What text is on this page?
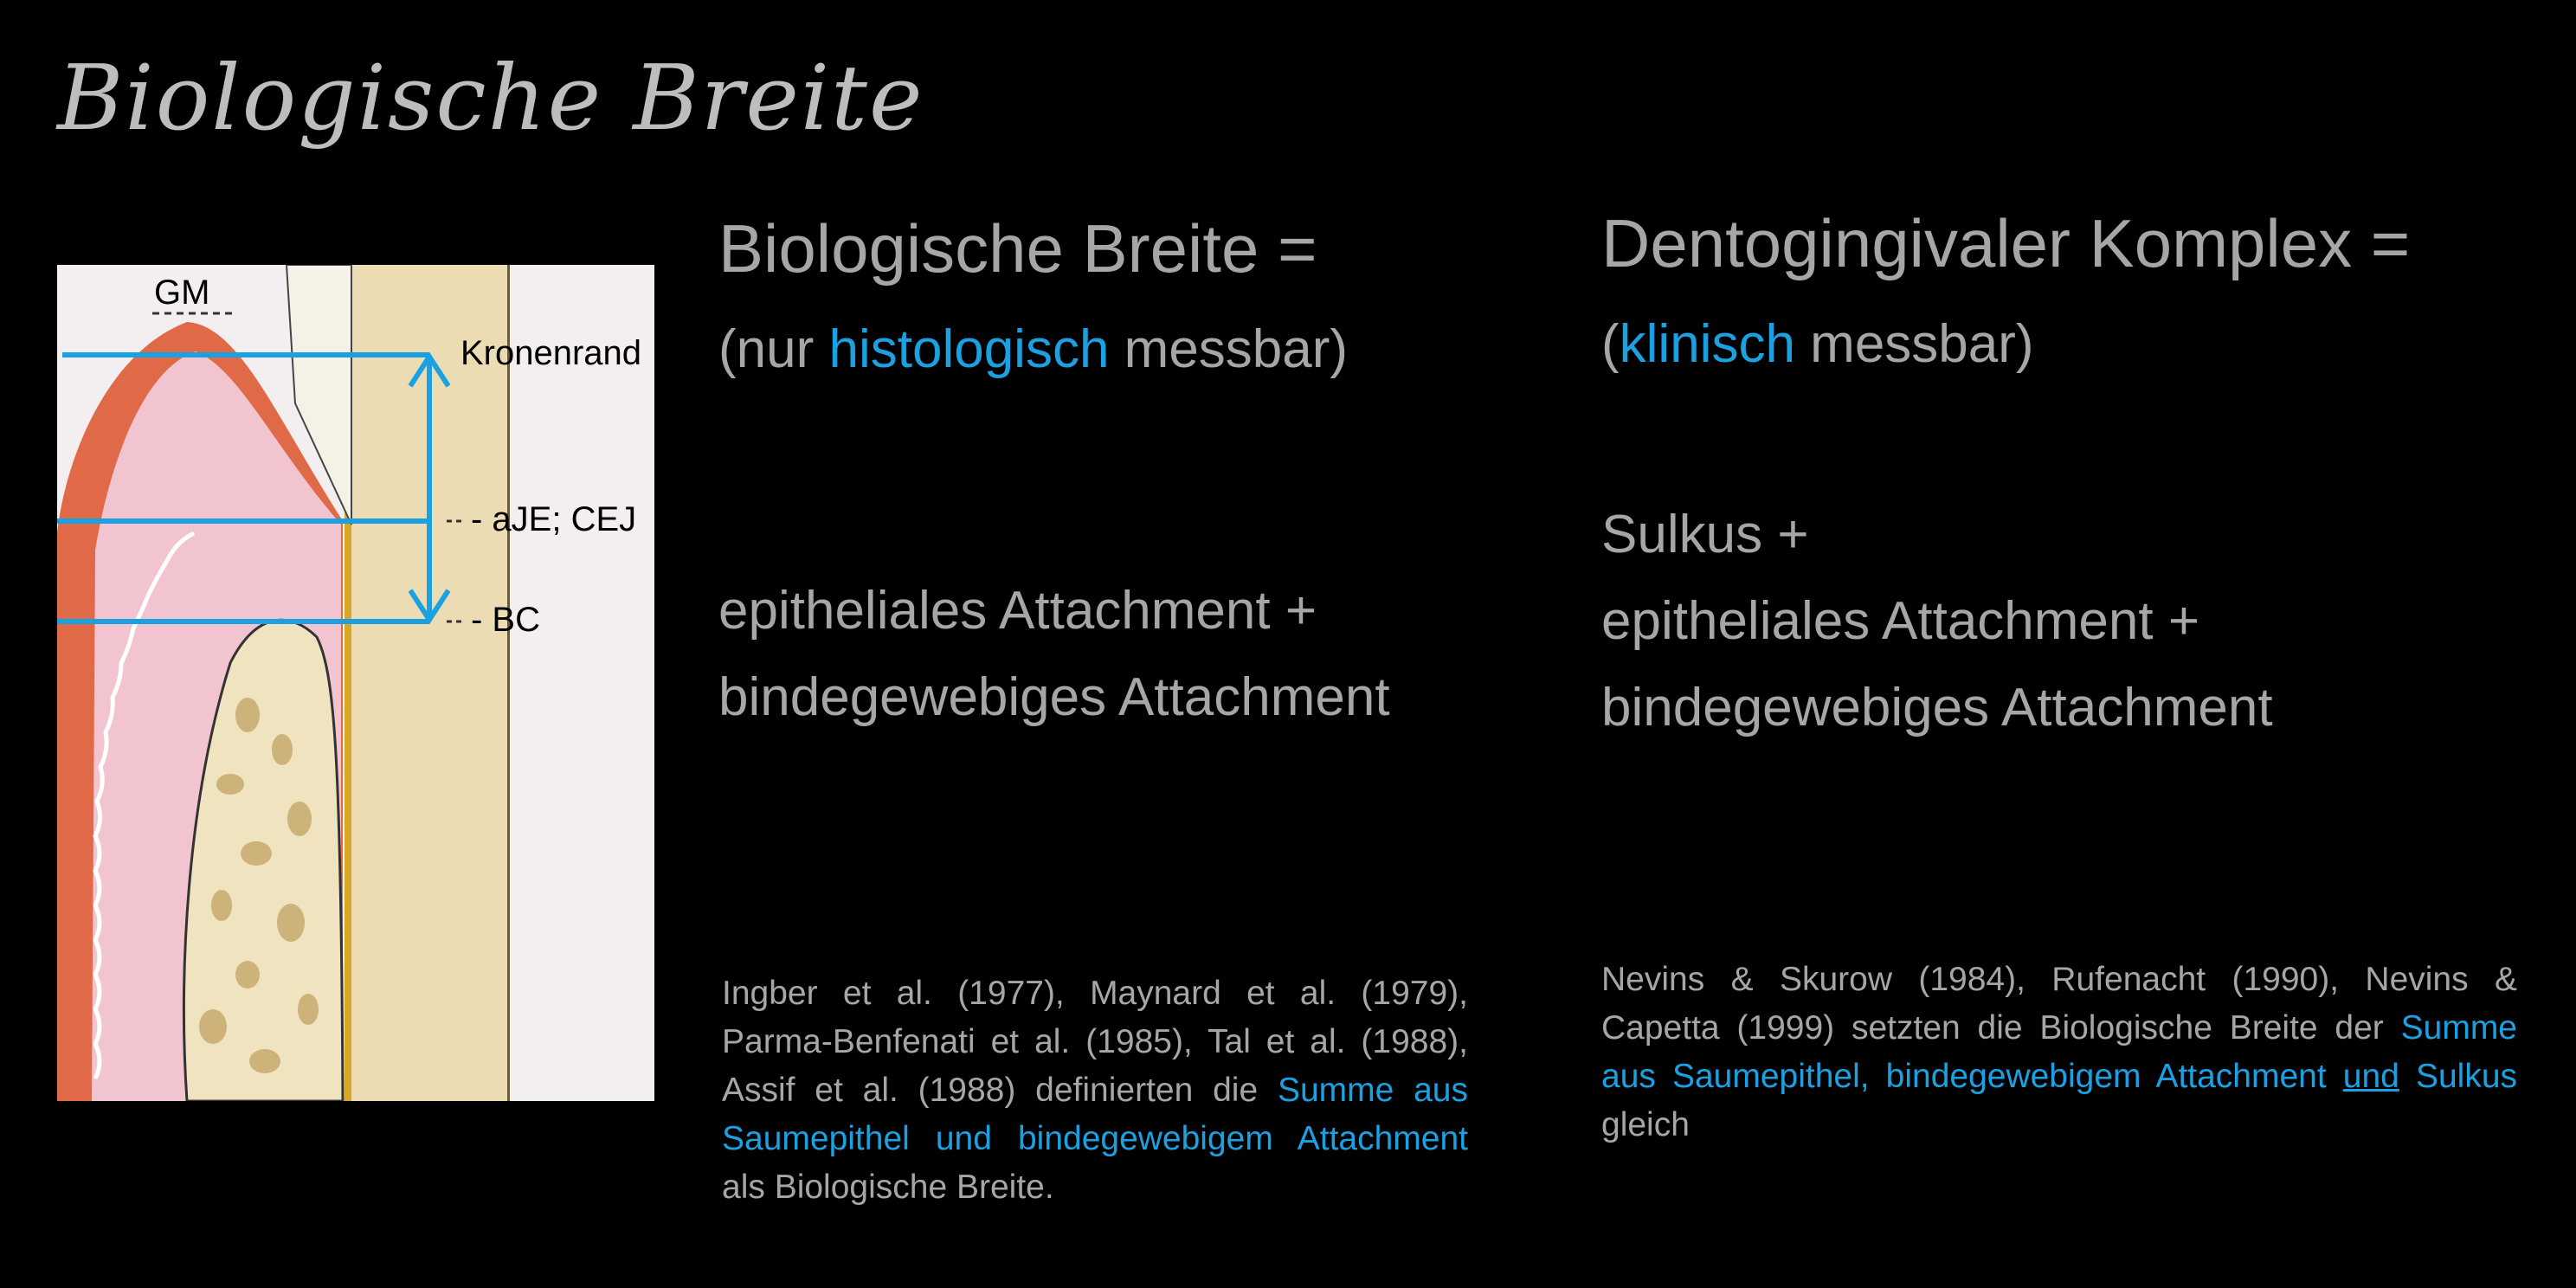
Biologische Breite
GM
Kronenrand
- aJE; CEJ
- BC
Biologische Breite =
(nur histologisch messbar)
epitheliales Attachment +
bindegewebiges Attachment
Ingber et al. (1977), Maynard et al. (1979), Parma-Benfenati et al. (1985), Tal et al. (1988), Assif et al. (1988) definierten die Summe aus Saumepithel und bindegewebigem Attachment als Biologische Breite.
Dentogingivaler Komplex =
(klinisch messbar)
Sulkus +
epitheliales Attachment +
bindegewebiges Attachment
Nevins & Skurow (1984), Rufenacht (1990), Nevins & Capetta (1999) setzten die Biologische Breite der Summe aus Saumepithel, bindegewebigem Attachment und Sulkus gleich
